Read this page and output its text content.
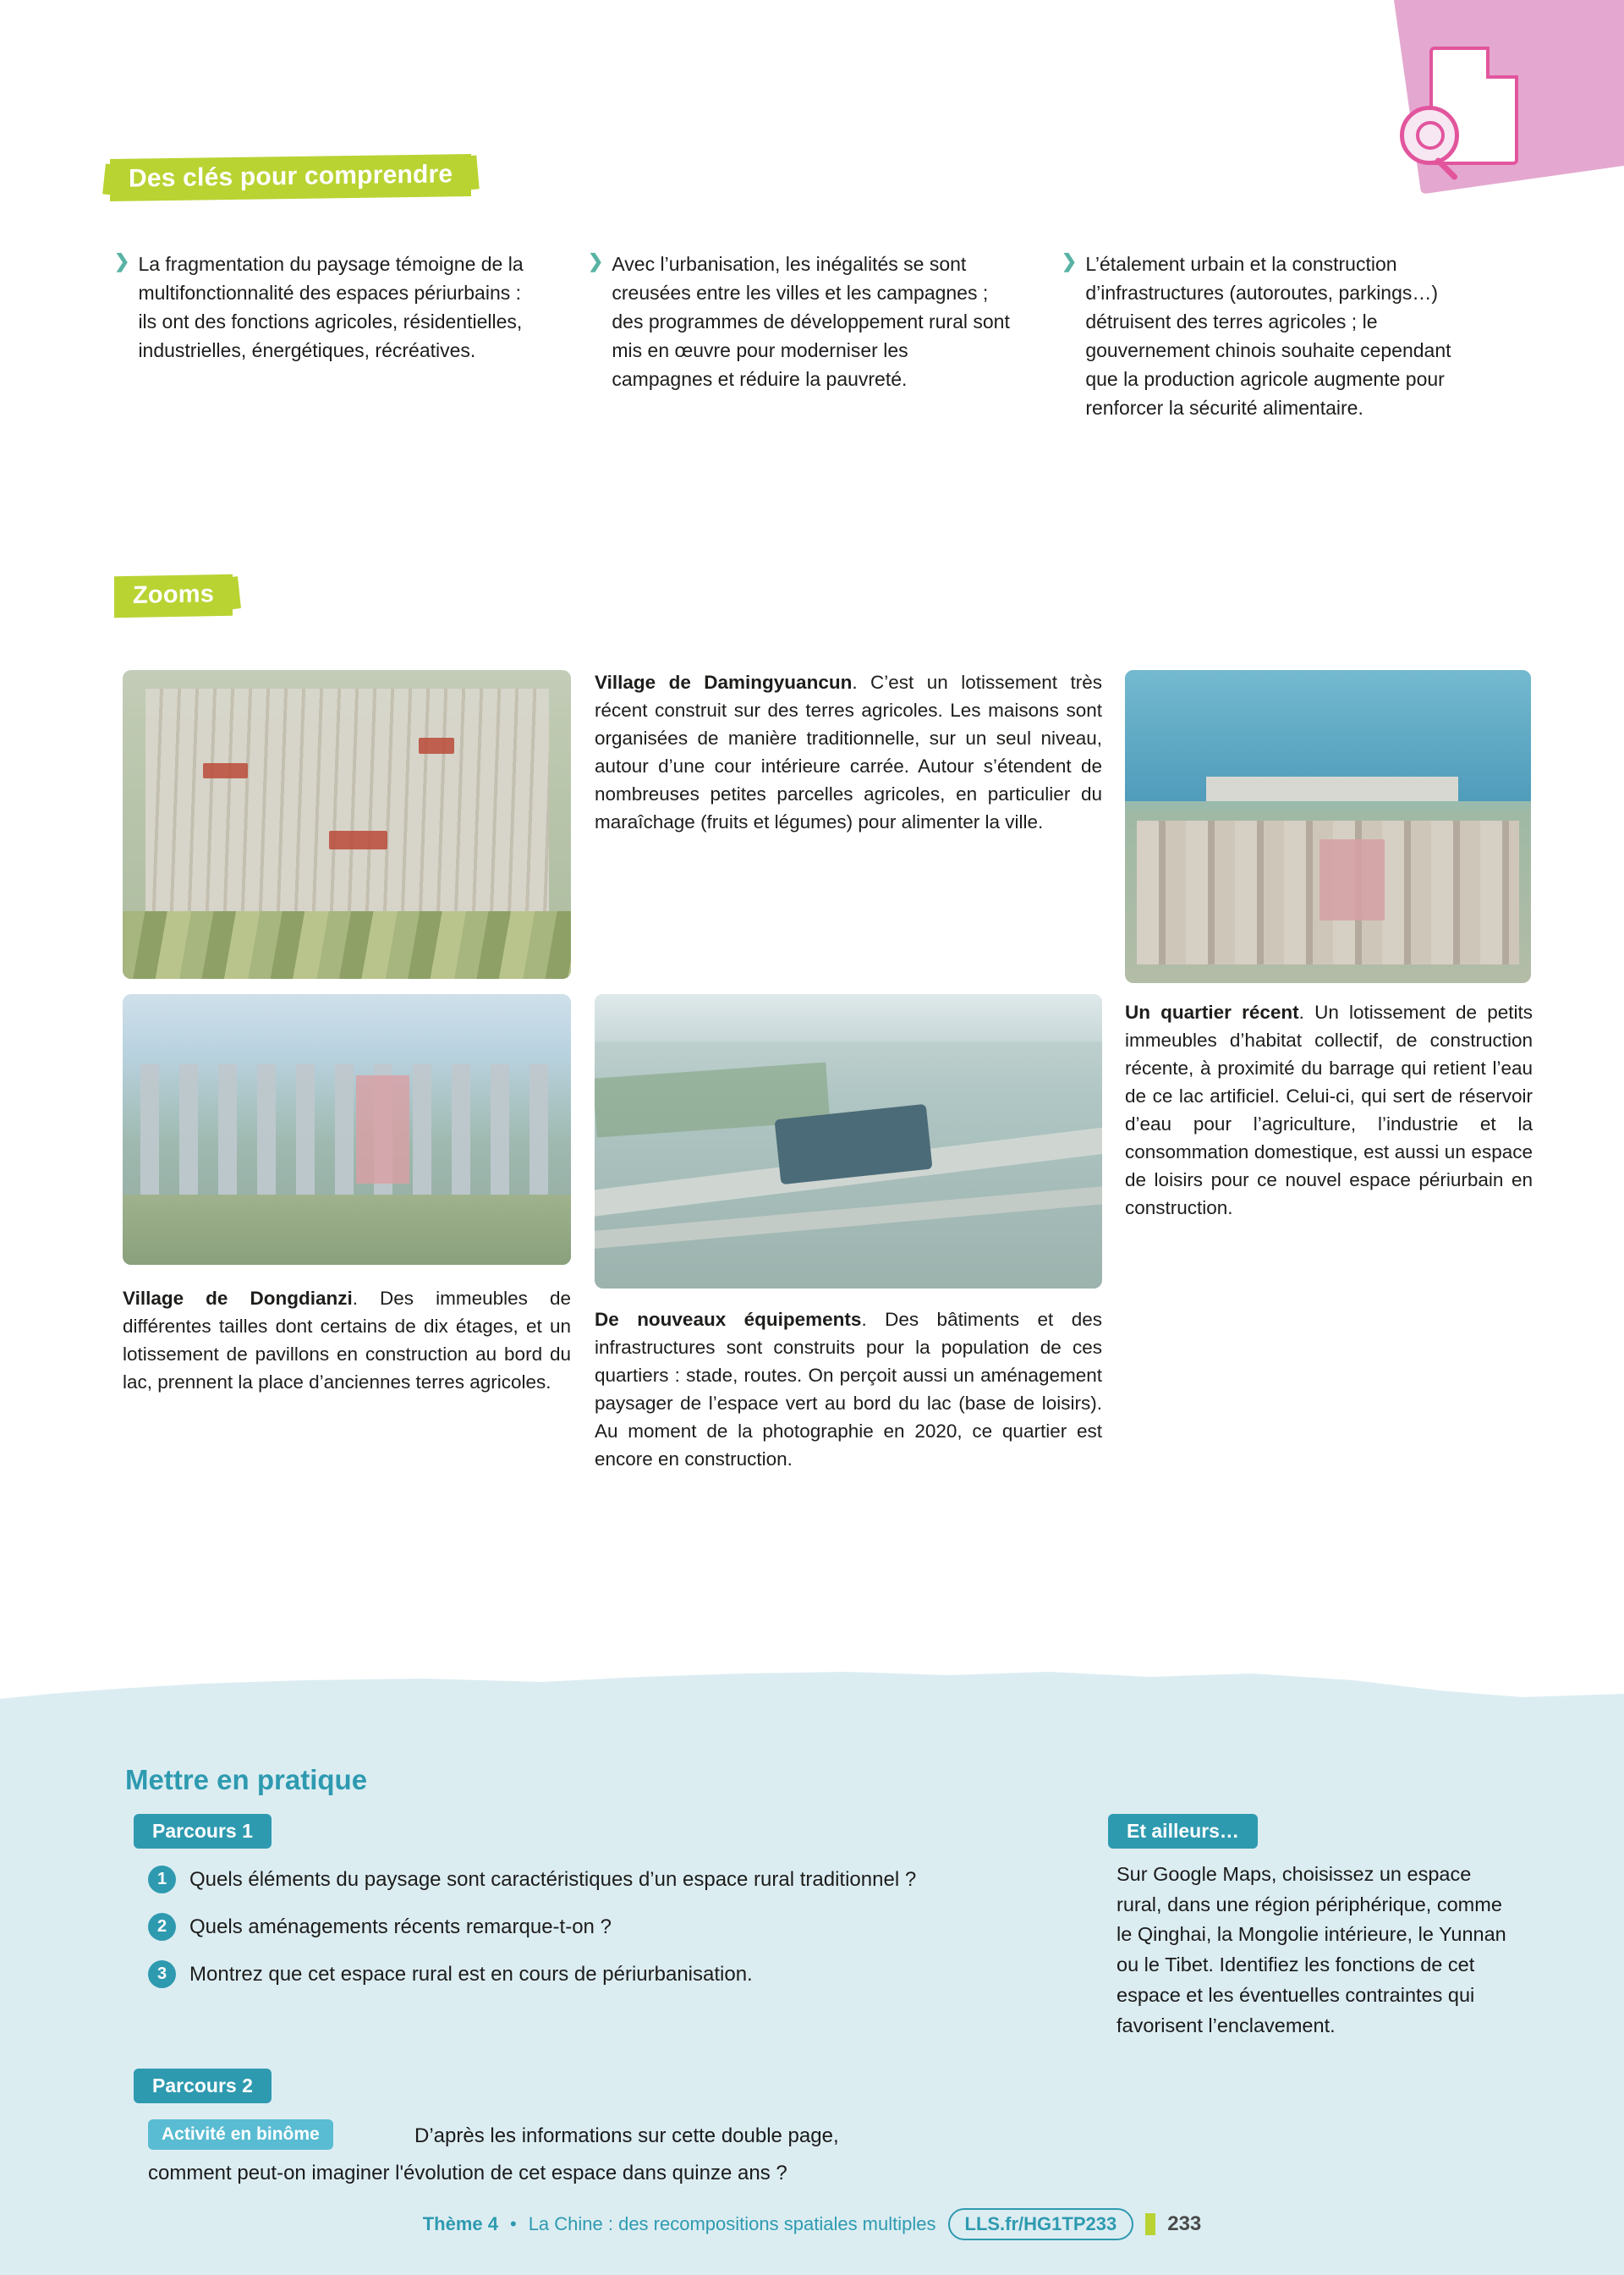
Des clés pour comprendre
❯ La fragmentation du paysage témoigne de la multifonctionnalité des espaces périurbains : ils ont des fonctions agricoles, résidentielles, industrielles, énergétiques, récréatives.
❯ Avec l’urbanisation, les inégalités se sont creusées entre les villes et les campagnes ; des programmes de développement rural sont mis en œuvre pour moderniser les campagnes et réduire la pauvreté.
❯ L’étalement urbain et la construction d’infrastructures (autoroutes, parkings…) détruisent des terres agricoles ; le gouvernement chinois souhaite cependant que la production agricole augmente pour renforcer la sécurité alimentaire.
Zooms
Village de Damingyuancun. C’est un lotissement très récent construit sur des terres agricoles. Les maisons sont organisées de manière traditionnelle, sur un seul niveau, autour d’une cour intérieure carrée. Autour s’étendent de nombreuses petites parcelles agricoles, en particulier du maraîchage (fruits et légumes) pour alimenter la ville.
Un quartier récent. Un lotissement de petits immeubles d’habitat collectif, de construction récente, à proximité du barrage qui retient l’eau de ce lac artificiel. Celui-ci, qui sert de réservoir d’eau pour l’agriculture, l’industrie et la consommation domestique, est aussi un espace de loisirs pour ce nouvel espace périurbain en construction.
Village de Dongdianzi. Des immeubles de différentes tailles dont certains de dix étages, et un lotissement de pavillons en construction au bord du lac, prennent la place d’anciennes terres agricoles.
De nouveaux équipements. Des bâtiments et des infrastructures sont construits pour la population de ces quartiers : stade, routes. On perçoit aussi un aménagement paysager de l’espace vert au bord du lac (base de loisirs). Au moment de la photographie en 2020, ce quartier est encore en construction.
Mettre en pratique
Parcours 1	Et ailleurs…
1	Quels éléments du paysage sont caractéristiques d’un espace rural traditionnel ?
2	Quels aménagements récents remarque-t-on ?
3	Montrez que cet espace rural est en cours de périurbanisation.
Parcours 2
Activité en binôme	D’après les informations sur cette double page,
comment peut-on imaginer l'évolution de cet espace dans quinze ans ?
Sur Google Maps, choisissez un espace rural, dans une région périphérique, comme le Qinghai, la Mongolie intérieure, le Yunnan ou le Tibet. Identifiez les fonctions de cet espace et les éventuelles contraintes qui favorisent l’enclavement.
Thème 4 • La Chine : des recompositions spatiales multiples	LLS.fr/HG1TP233	233
